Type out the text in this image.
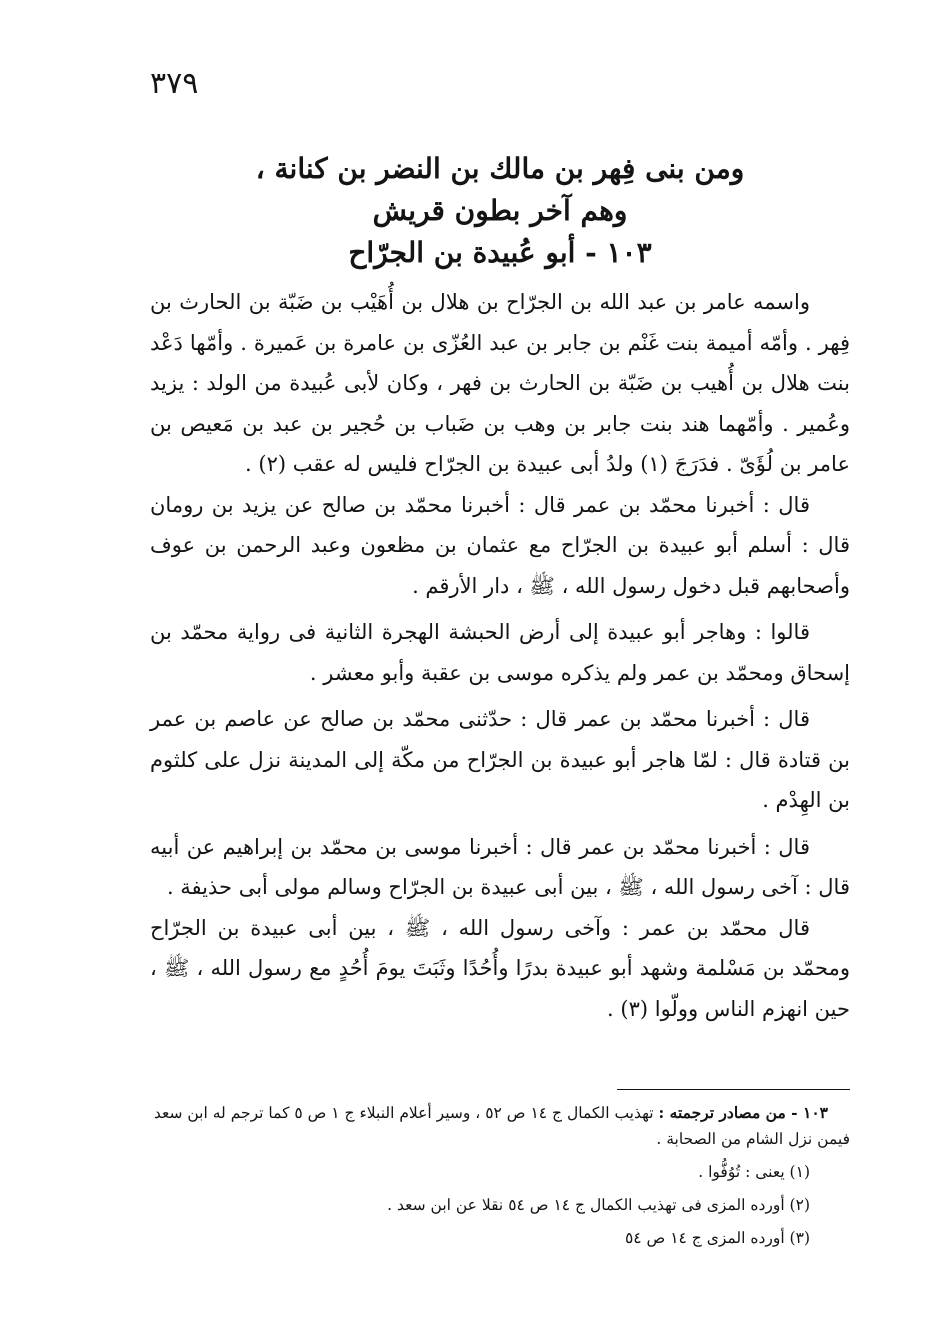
٣٧٩
ومن بنى فِهر بن مالك بن النضر بن كنانة ،
وهم آخر بطون قريش
١٠٣ - أبو عُبيدة بن الجرّاح

واسمه عامر بن عبد الله بن الجرّاح بن هلال بن أُهَيْب بن ضَبّة بن الحارث بن فِهر . وأمّه أميمة بنت غَنْم بن جابر بن عبد العُزّى بن عامرة بن عَميرة . وأمّها دَعْد بنت هلال بن أُهيب بن ضَبّة بن الحارث بن فهر ، وكان لأبى عُبيدة من الولد : يزيد وعُمير . وأمّهما هند بنت جابر بن وهب بن ضَباب بن حُجير بن عبد بن مَعيص بن عامر بن لُؤَىّ . فدَرَجَ (١) ولدُ أبى عبيدة بن الجرّاح فليس له عقب (٢) .

قال : أخبرنا محمّد بن عمر قال : أخبرنا محمّد بن صالح عن يزيد بن رومان قال : أسلم أبو عبيدة بن الجرّاح مع عثمان بن مظعون وعبد الرحمن بن عوف وأصحابهم قبل دخول رسول الله ، ﷺ ، دار الأرقم .

قالوا : وهاجر أبو عبيدة إلى أرض الحبشة الهجرة الثانية فى رواية محمّد بن إسحاق ومحمّد بن عمر ولم يذكره موسى بن عقبة وأبو معشر .

قال : أخبرنا محمّد بن عمر قال : حدّثنى محمّد بن صالح عن عاصم بن عمر بن قتادة قال : لمّا هاجر أبو عبيدة بن الجرّاح من مكّة إلى المدينة نزل على كلثوم بن الهِدْم .

قال : أخبرنا محمّد بن عمر قال : أخبرنا موسى بن محمّد بن إبراهيم عن أبيه قال : آخى رسول الله ، ﷺ ، بين أبى عبيدة بن الجرّاح وسالم مولى أبى حذيفة .

قال محمّد بن عمر : وآخى رسول الله ، ﷺ ، بين أبى عبيدة بن الجرّاح ومحمّد بن مَسْلمة وشهد أبو عبيدة بدرًا وأُحُدًا وثَبَتَ يومَ أُحُدٍ مع رسول الله ، ﷺ ، حين انهزم الناس وولّوا (٣) .

١٠٣ - من مصادر ترجمته : تهذيب الكمال ج ١٤ ص ٥٢ ، وسير أعلام النبلاء ج ١ ص ٥ كما ترجم له ابن سعد فيمن نزل الشام من الصحابة .

(١) يعنى : تُوُفُّوا .

(٢) أورده المزى فى تهذيب الكمال ج ١٤ ص ٥٤ نقلا عن ابن سعد .

(٣) أورده المزى ج ١٤ ص ٥٤
